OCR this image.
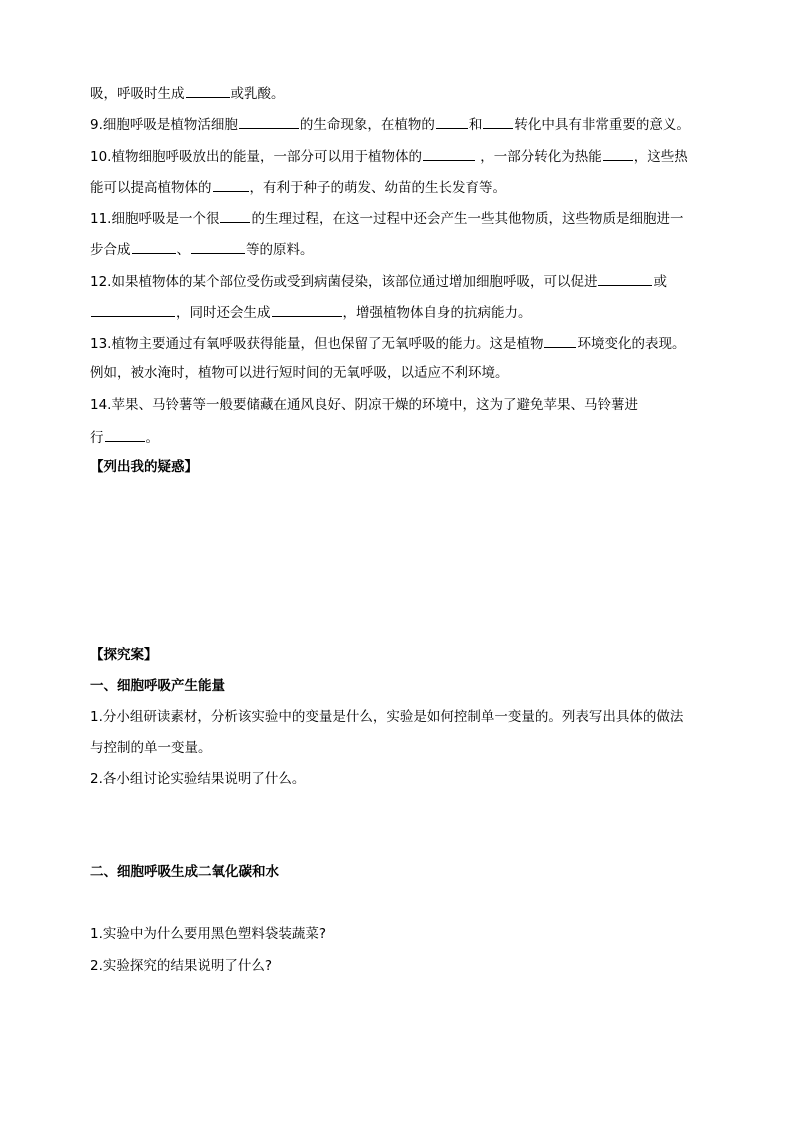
吸，呼吸时生成	或乳酸。
9.细胞呼吸是植物活细胞	的生命现象，在植物的	和 转化中具有非常重要的意义。
10.植物细胞呼吸放出的能量，一部分可以用于植物体的	，一部分转化为热能 ，这些热
能可以提高植物体的	，有利于种子的萌发、幼苗的生长发育等。
11.细胞呼吸是一个很 的生理过程，在这一过程中还会产生一些其他物质，这些物质是细胞进一
步合成	、	等的原料。
12.如果植物体的某个部位受伤或受到病菌侵染，该部位通过增加细胞呼吸，可以促进	或
，同时还会生成	，增强植物体自身的抗病能力。
13.植物主要通过有氧呼吸获得能量，但也保留了无氧呼吸的能力。这是植物	环境变化的表现。
例如，被水淹时，植物可以进行短时间的无氧呼吸，以适应不利环境。
14.苹果、马铃薯等一般要储藏在通风良好、阴凉干燥的环境中，这为了避免苹果、马铃薯进
行	。
【列出我的疑惑】
【探究案】
一、细胞呼吸产生能量
1.分小组研读素材，分析该实验中的变量是什么，实验是如何控制单一变量的。列表写出具体的做法
与控制的单一变量。
2.各小组讨论实验结果说明了什么。
二、细胞呼吸生成二氧化碳和水
1.实验中为什么要用黑色塑料袋装蔬菜?
2.实验探究的结果说明了什么?
